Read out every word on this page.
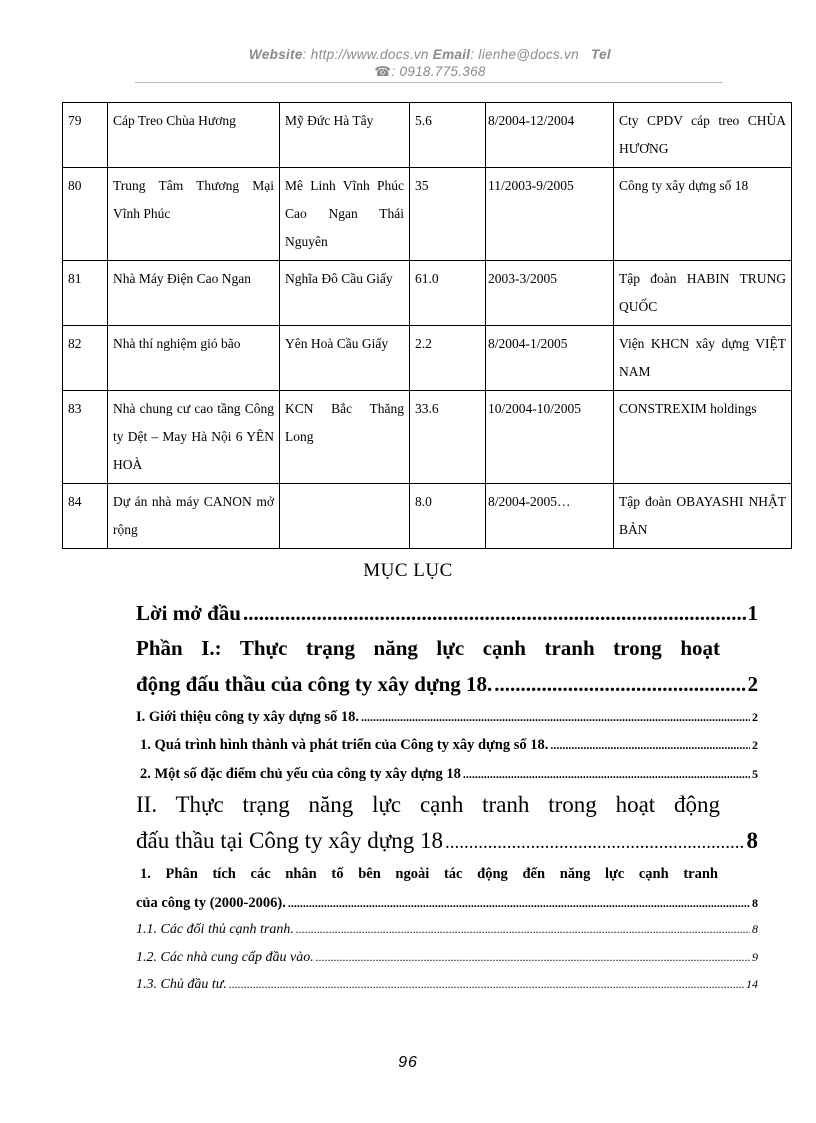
Website: http://www.docs.vn Email: lienhe@docs.vn Tel
☎: 0918.775.368
79	Cáp Treo Chùa Hương	Mỹ Đức Hà Tây	5.6	8/2004-12/2004	Cty CPDV cáp treo CHÙA HƯƠNG
80	Trung Tâm Thương Mại Vĩnh Phúc	Mê Linh Vĩnh Phúc Cao Ngan Thái Nguyên	35	11/2003-9/2005	Công ty xây dựng số 18
81	Nhà Máy Điện Cao Ngan	Nghĩa Đô Cầu Giấy	61.0	2003-3/2005	Tập đoàn HABIN TRUNG QUỐC
82	Nhà thí nghiệm gió bão	Yên Hoà Cầu Giấy	2.2	8/2004-1/2005	Viện KHCN xây dựng VIỆT NAM
83	Nhà chung cư cao tầng Công ty Dệt – May Hà Nội 6 YÊN HOÀ	KCN Bắc Thăng Long	33.6	10/2004-10/2005	CONSTREXIM holdings
84	Dự án nhà máy CANON mở rộng		8.0	8/2004-2005…	Tập đoàn OBAYASHI NHẬT BẢN
MỤC LỤC
Lời mở đầu .....	1
Phần I.: Thực trạng năng lực cạnh tranh trong hoạt
động đấu thầu của công ty xây dựng 18. .....	2
I. Giới thiệu công ty xây dựng số 18. .....	2
1. Quá trình hình thành và phát triển của Công ty xây dựng số 18. .....	2
2. Một số đặc điểm chủ yếu của công ty xây dựng 18 .....	5
II. Thực trạng năng lực cạnh tranh trong hoạt động
đấu thầu tại Công ty xây dựng 18 .....	8
1. Phân tích các nhân tố bên ngoài tác động đến năng lực cạnh tranh
của công ty (2000-2006). .....	8
1.1. Các đối thủ cạnh tranh. .....	8
1.2. Các nhà cung cấp đầu vào. .....	9
1.3. Chủ đầu tư. .....	14
96
